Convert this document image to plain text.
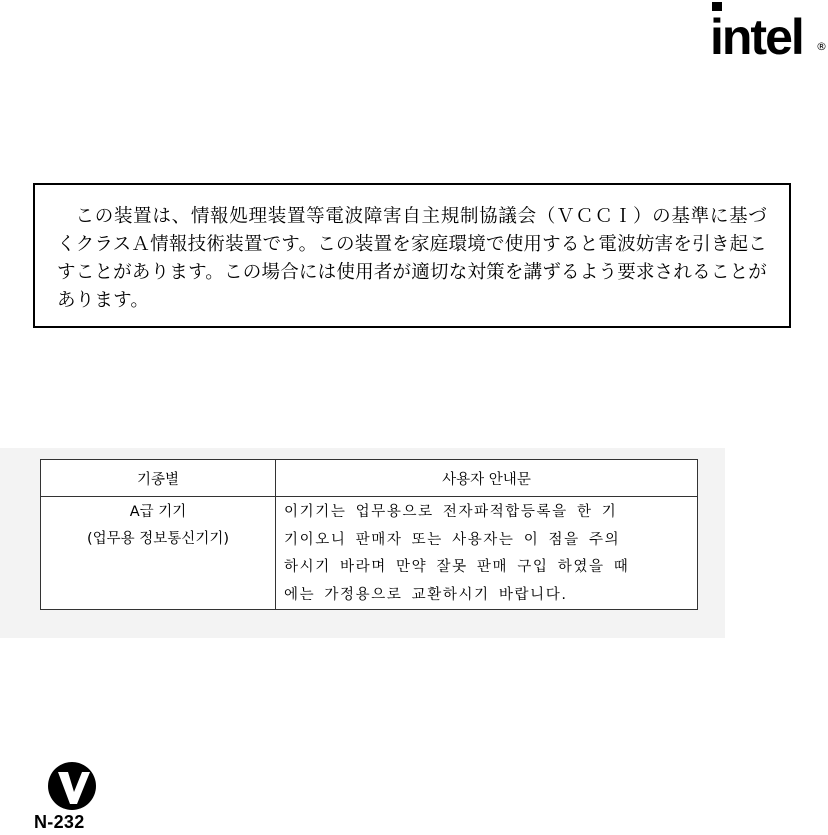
intel ®

この装置は、情報処理装置等電波障害自主規制協議会（ＶＣＣＩ）の基準に基づくクラスＡ情報技術装置です。この装置を家庭環境で使用すると電波妨害を引き起こすことがあります。この場合には使用者が適切な対策を講ずるよう要求されることがあります。

기종별	사용자 안내문

A급 기기
(업무용 정보통신기기)	이기기는 업무용으로 전자파적합등록을 한 기
기이오니 판매자 또는 사용자는 이 점을 주의
하시기 바라며 만약 잘못 판매 구입 하였을 때
에는 가정용으로 교환하시기 바랍니다.
N-232
